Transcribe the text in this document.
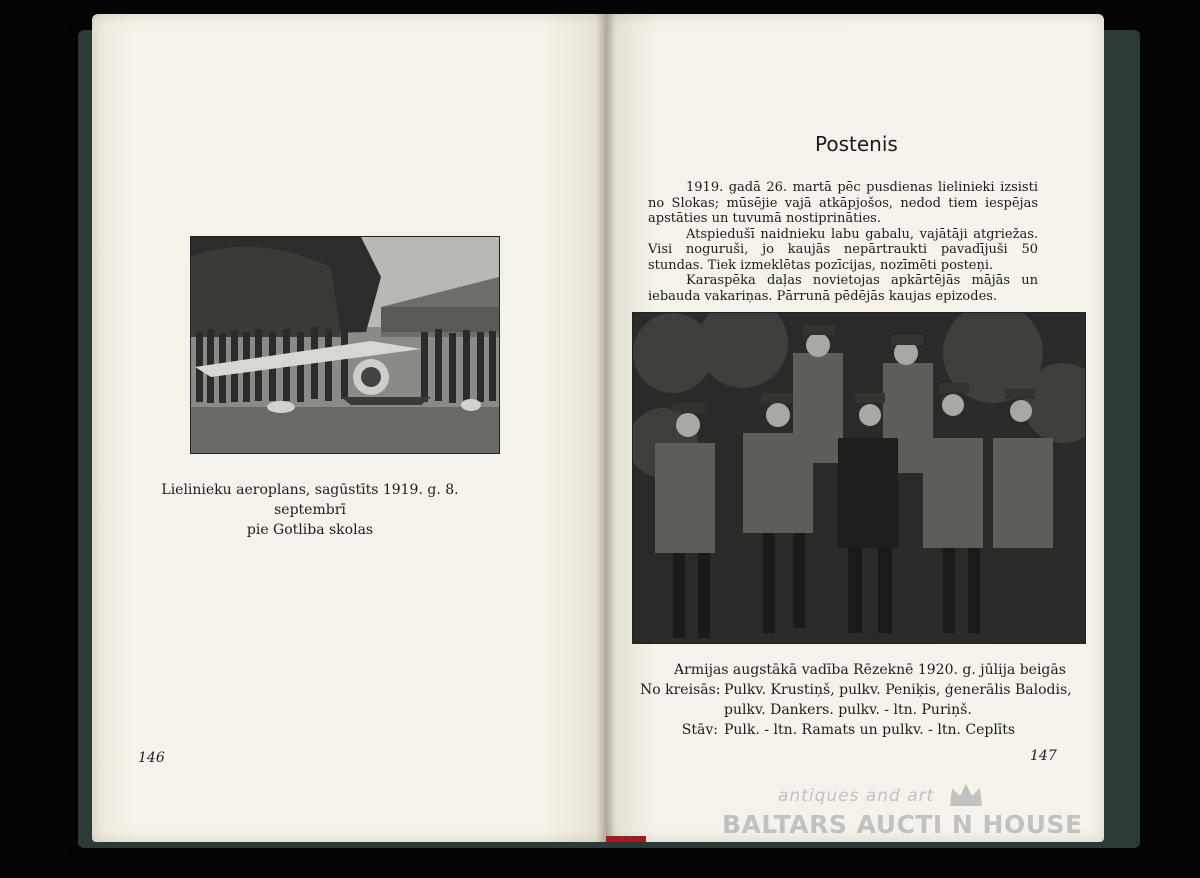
Lielinieku aeroplans, sagūstīts 1919. g. 8. septembrī
pie Gotliba skolas
146
Postenis

1919. gadā 26. martā pēc pusdienas lielinieki izsisti no Slokas; mūsējie vajā atkāpjošos, nedod tiem iespējas apstāties un tuvumā nostiprināties.

Atspiedušī naidnieku labu gabalu, vajātāji atgriežas. Visi noguruši, jo kaujās nepārtraukti pavadījuši 50 stundas. Tiek izmeklētas pozīcijas, nozīmēti posteņi.

Karaspēka daļas novietojas apkārtējās mājās un iebauda vakariņas. Pārrunā pēdējās kaujas epizodes.

Armijas augstākā vadība Rēzeknē 1920. g. jūlija beigās
No kreisās: Pulkv. Krustiņš, pulkv. Peniķis, ģenerālis Balodis,
pulkv. Dankers. pulkv. - ltn. Puriņš.
Stāv: Pulk. - ltn. Ramats un pulkv. - ltn. Ceplīts
147
antiques and art
BALTARS AUCTI N HOUSE
